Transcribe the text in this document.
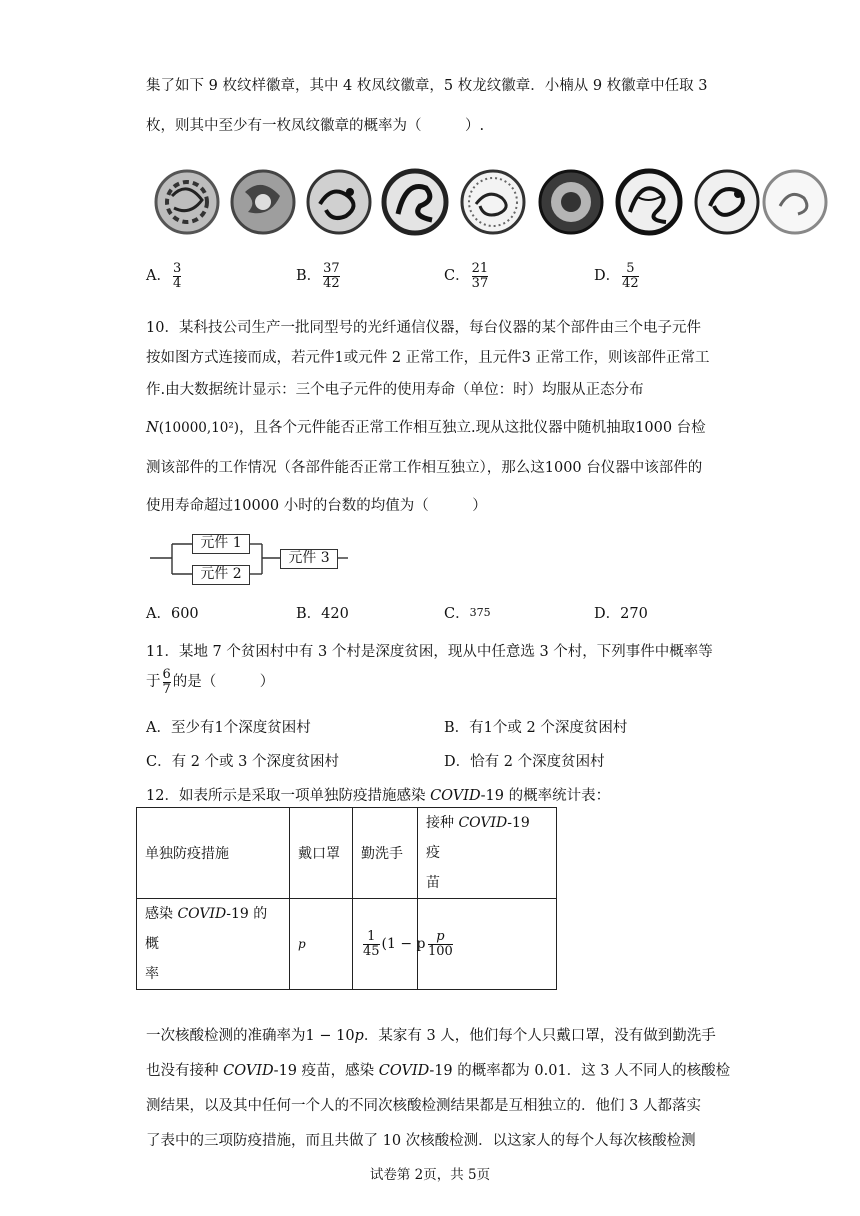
集了如下 9 枚纹样徽章，其中 4 枚凤纹徽章，5 枚龙纹徽章．小楠从 9 枚徽章中任取 3
枚，则其中至少有一枚凤纹徽章的概率为（　　　）.
A． $\frac{3}{4}$	B． $\frac{37}{42}$	C． $\frac{21}{37}$	D． $\frac{5}{42}$
10．某科技公司生产一批同型号的光纤通信仪器，每台仪器的某个部件由三个电子元件
按如图方式连接而成，若元件1或元件 2 正常工作，且元件3 正常工作，则该部件正常工
作.由大数据统计显示：三个电子元件的使用寿命（单位：时）均服从正态分布
N(10000,10²)，且各个元件能否正常工作相互独立.现从这批仪器中随机抽取1000 台检
测该部件的工作情况（各部件能否正常工作相互独立），那么这1000 台仪器中该部件的
使用寿命超过10000 小时的台数的均值为（　　　）
元件 1
元件 2
元件 3
A．600	B．420	C．375	D．270
11．某地 7 个贫困村中有 3 个村是深度贫困，现从中任意选 3 个村，下列事件中概率等
于 $\frac{6}{7}$ 的是（　　　）
A．至少有1个深度贫困村	B．有1个或 2 个深度贫困村
C．有 2 个或 3 个深度贫困村	D．恰有 2 个深度贫困村
12．如表所示是采取一项单独防疫措施感染 COVID-19 的概率统计表：
单独防疫措施	戴口罩	勤洗手	接种 COVID-19 疫
苗
感染 COVID-19 的概
率	p	$\frac{1}{45} (1 - p$	$\frac{p}{100}$
一次核酸检测的准确率为1 − 10p．某家有 3 人，他们每个人只戴口罩，没有做到勤洗手
也没有接种 COVID-19 疫苗，感染 COVID-19 的概率都为 0.01．这 3 人不同人的核酸检
测结果，以及其中任何一个人的不同次核酸检测结果都是互相独立的．他们 3 人都落实
了表中的三项防疫措施，而且共做了 10 次核酸检测．以这家人的每个人每次核酸检测
试卷第 2页，共 5页
